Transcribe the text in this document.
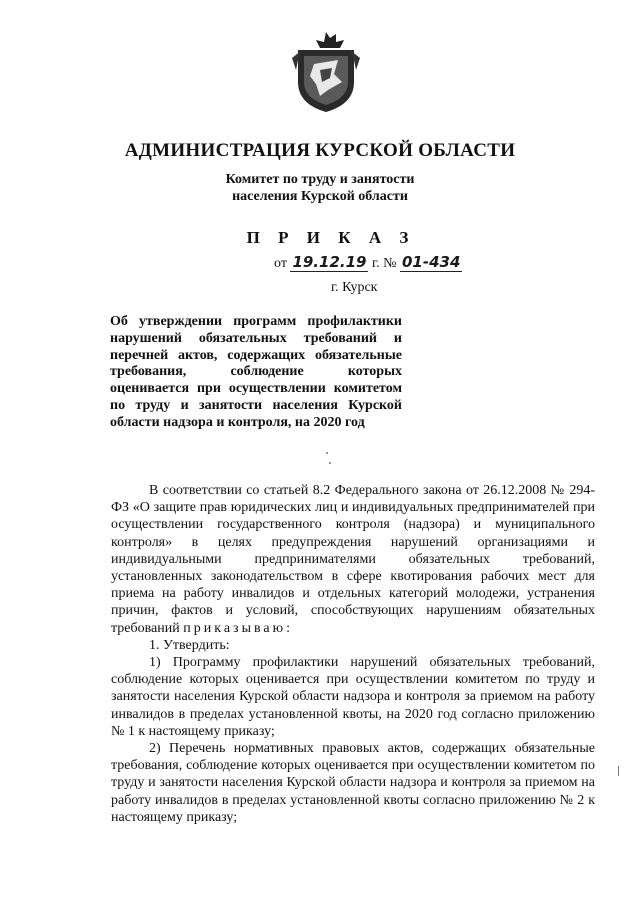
АДМИНИСТРАЦИЯ КУРСКОЙ ОБЛАСТИ
Комитет по труду и занятости
населения Курской области
П Р И К А З
от 19.12.19 г. № 01-434
г. Курск
Об утверждении программ профилактики нарушений обязательных требований и перечней актов, содержащих обязательные требования, соблюдение которых оценивается при осуществлении комитетом по труду и занятости населения Курской области надзора и контроля, на 2020 год

В соответствии со статьей 8.2 Федерального закона от 26.12.2008 № 294-ФЗ «О защите прав юридических лиц и индивидуальных предпринимателей при осуществлении государственного контроля (надзора) и муниципального контроля» в целях предупреждения нарушений организациями и индивидуальными предпринимателями обязательных требований, установленных законодательством в сфере квотирования рабочих мест для приема на работу инвалидов и отдельных категорий молодежи, устранения причин, фактов и условий, способствующих нарушениям обязательных требований приказываю:

1. Утвердить:

1) Программу профилактики нарушений обязательных требований, соблюдение которых оценивается при осуществлении комитетом по труду и занятости населения Курской области надзора и контроля за приемом на работу инвалидов в пределах установленной квоты, на 2020 год согласно приложению № 1 к настоящему приказу;

2) Перечень нормативных правовых актов, содержащих обязательные требования, соблюдение которых оценивается при осуществлении комитетом по труду и занятости населения Курской области надзора и контроля за приемом на работу инвалидов в пределах установленной квоты согласно приложению № 2 к настоящему приказу;
